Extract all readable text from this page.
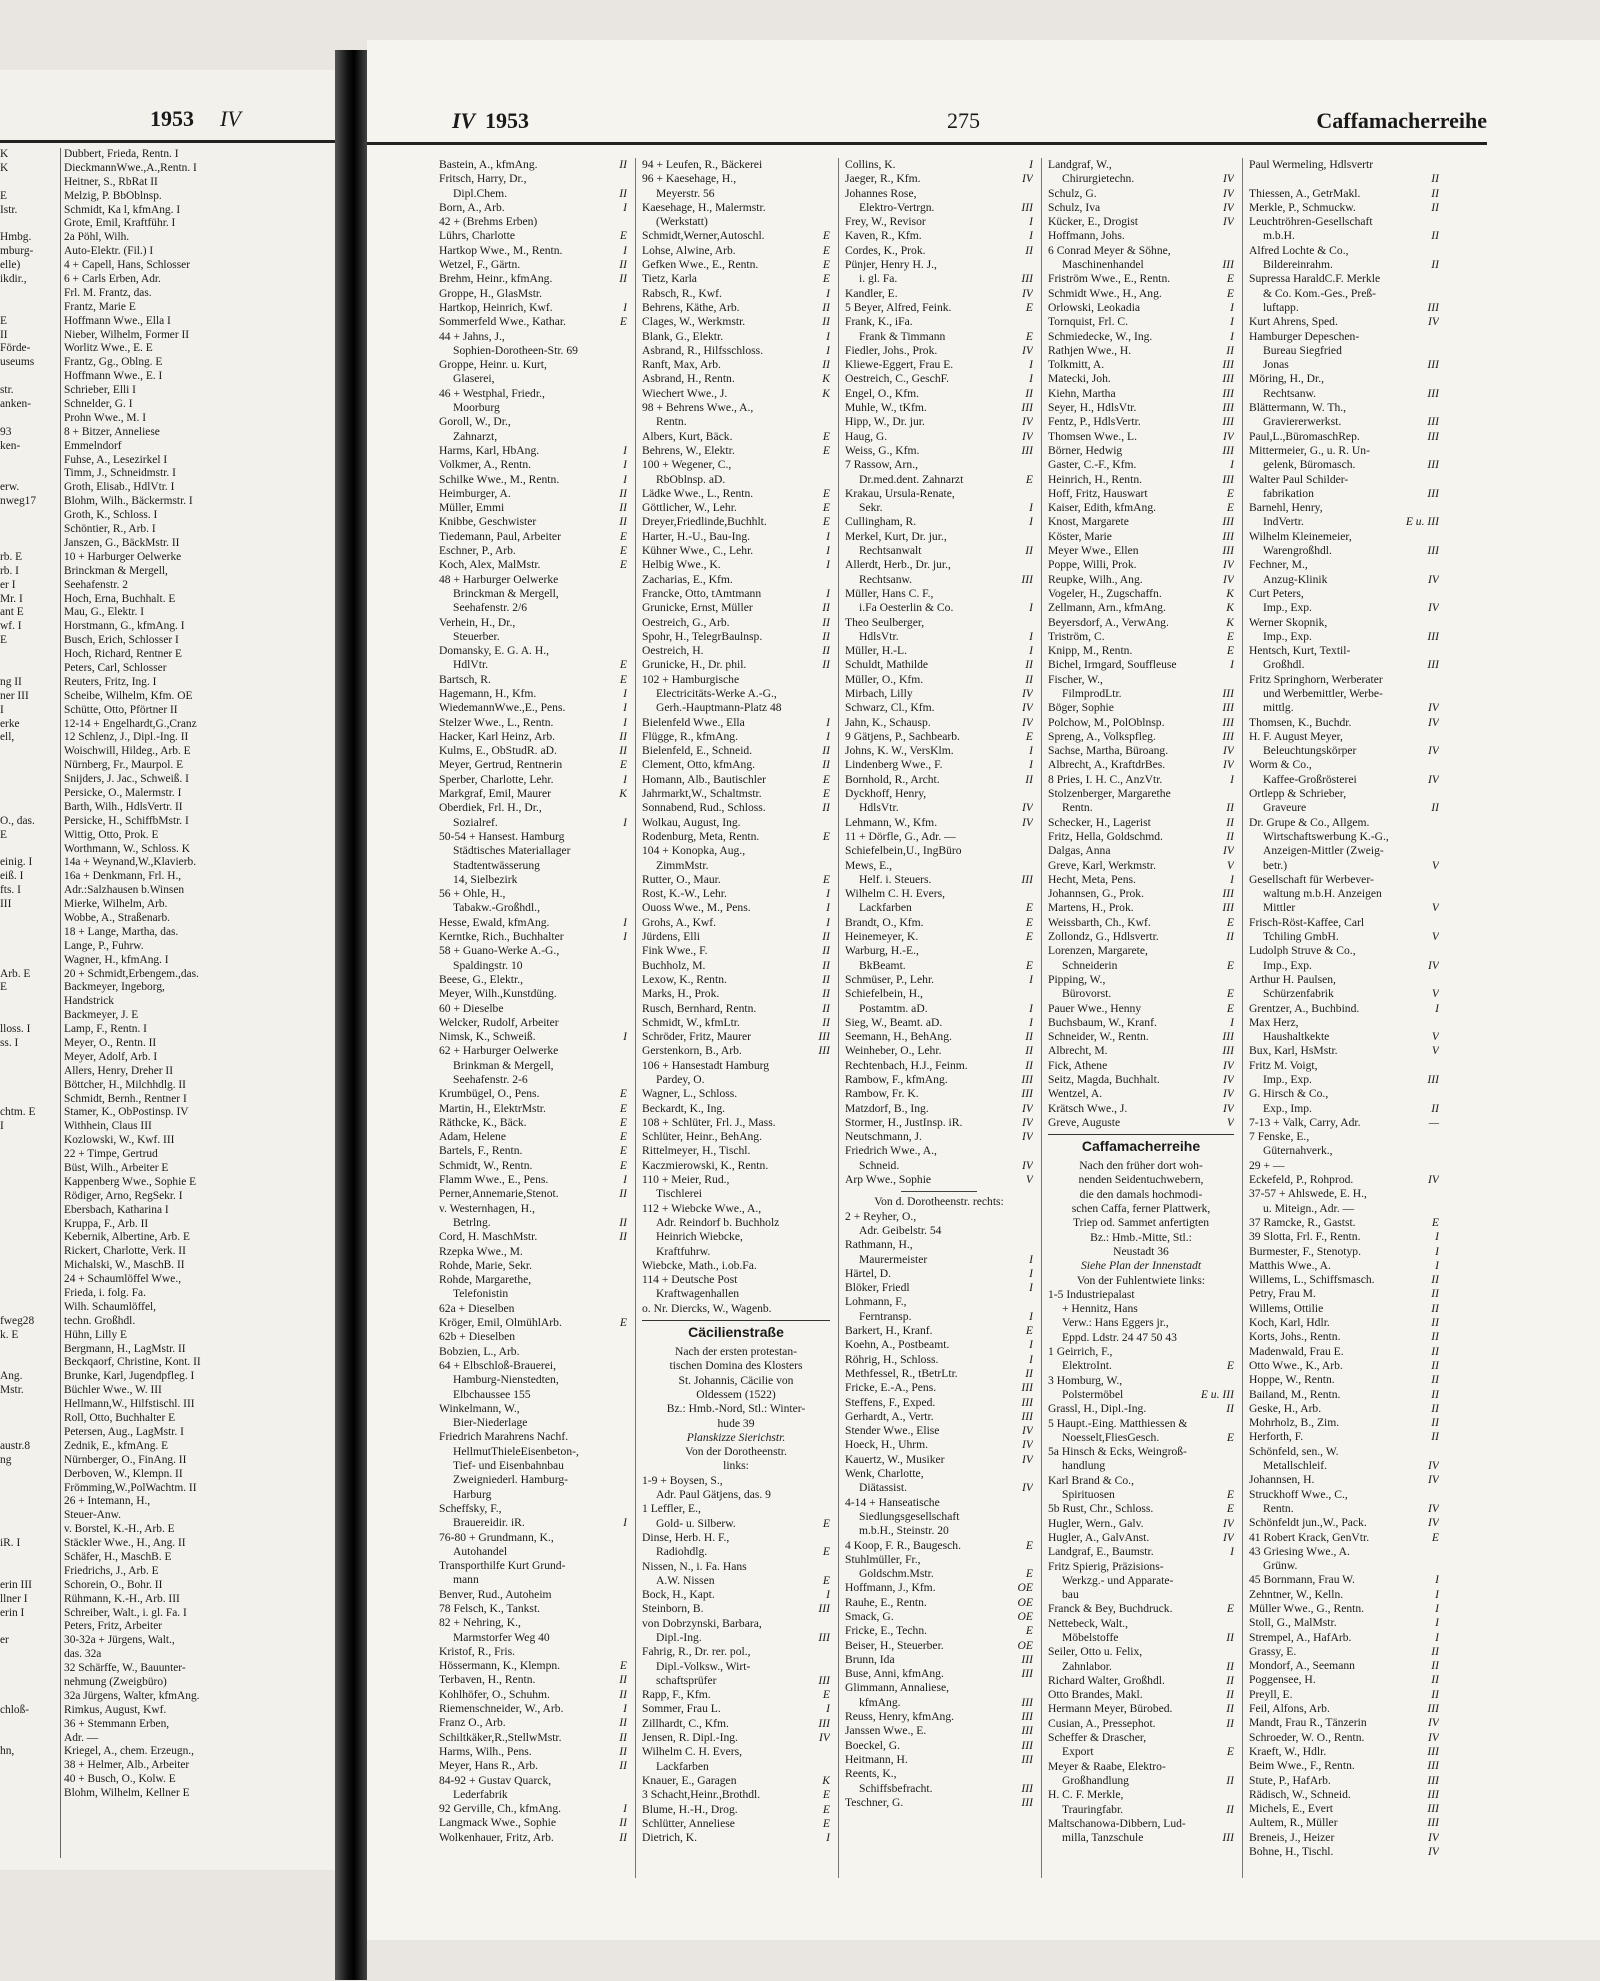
1953 IV
K	Dubbert, Frieda, Rentn. I
K	DieckmannWwe.,A.,Rentn. I
Heitner, S., RbRat II
E	Melzig, P. BbOblnsp.
Istr.	Schmidt, Ka l, kfmAng. I
Grote, Emil, Kraftführ. I
Hmbg.	2a Pöhl, Wilh.
mburg-	Auto-Elektr. (Fil.) I
elle)	4 + Capell, Hans, Schlosser
ikdir.,	6 + Carls Erben, Adr.
Frl. M. Frantz, das.
Frantz, Marie E
E	Hoffmann Wwe., Ella I
II	Nieber, Wilhelm, Former II
Förde-	Worlitz Wwe., E. E
useums	Frantz, Gg., Oblng. E
Hoffmann Wwe., E. I
str.	Schrieber, Elli I
anken-	Schnelder, G. I
Prohn Wwe., M. I
93	8 + Bitzer, Anneliese
ken-	Emmelndorf
Fuhse, A., Lesezirkel I
Timm, J., Schneidmstr. I
erw.	Groth, Elisab., HdlVtr. I
nweg17	Blohm, Wilh., Bäckermstr. I
Groth, K., Schloss. I
Schöntier, R., Arb. I
Janszen, G., BäckMstr. II
rb. E	10 + Harburger Oelwerke
rb. I	Brinckman & Mergell,
er I	Seehafenstr. 2
Mr. I	Hoch, Erna, Buchhalt. E
ant E	Mau, G., Elektr. I
wf. I	Horstmann, G., kfmAng. I
E	Busch, Erich, Schlosser I
Hoch, Richard, Rentner E
Peters, Carl, Schlosser
ng II	Reuters, Fritz, Ing. I
ner III	Scheibe, Wilhelm, Kfm. OE
I	Schütte, Otto, Pförtner II
erke	12-14 + Engelhardt,G.,Cranz
ell,	12 Schlenz, J., Dipl.-Ing. II
Woischwill, Hildeg., Arb. E
Nürnberg, Fr., Maurpol. E
Snijders, J. Jac., Schweiß. I
Persicke, O., Malermstr. I
Barth, Wilh., HdlsVertr. II
O., das.	Persicke, H., SchiffbMstr. I
E	Wittig, Otto, Prok. E
Worthmann, W., Schloss. K
einig. I	14a + Weynand,W.,Klavierb.
eiß. I	16a + Denkmann, Frl. H.,
fts. I	Adr.:Salzhausen b.Winsen
III	Mierke, Wilhelm, Arb.
Wobbe, A., Straßenarb.
18 + Lange, Martha, das.
Lange, P., Fuhrw.
Wagner, H., kfmAng. I
Arb. E	20 + Schmidt,Erbengem.,das.
E	Backmeyer, Ingeborg,
Handstrick
Backmeyer, J. E
lloss. I	Lamp, F., Rentn. I
ss. I	Meyer, O., Rentn. II
Meyer, Adolf, Arb. I
Allers, Henry, Dreher II
Böttcher, H., Milchhdlg. II
Schmidt, Bernh., Rentner I
chtm. E	Stamer, K., ObPostinsp. IV
I	Withhein, Claus III
Kozlowski, W., Kwf. III
22 + Timpe, Gertrud
Büst, Wilh., Arbeiter E
Kappenberg Wwe., Sophie E
Rödiger, Arno, RegSekr. I
Ebersbach, Katharina I
Kruppa, F., Arb. II
Kebernik, Albertine, Arb. E
Rickert, Charlotte, Verk. II
Michalski, W., MaschB. II
24 + Schaumlöffel Wwe.,
Frieda, i. folg. Fa.
Wilh. Schaumlöffel,
fweg28	techn. Großhdl.
k. E	Hühn, Lilly E
Bergmann, H., LagMstr. II
Beckqaorf, Christine, Kont. II
Ang.	Brunke, Karl, Jugendpfleg. I
Mstr.	Büchler Wwe., W. III
Hellmann,W., Hilfstischl. III
Roll, Otto, Buchhalter E
Petersen, Aug., LagMstr. I
austr.8	Zednik, E., kfmAng. E
ng	Nürnberger, O., FinAng. II
Derboven, W., Klempn. II
Frömming,W.,PolWachtm. II
26 + Intemann, H.,
Steuer-Anw.
v. Borstel, K.-H., Arb. E
iR. I	Stäckler Wwe., H., Ang. II
Schäfer, H., MaschB. E
Friedrichs, J., Arb. E
erin III	Schorein, O., Bohr. II
llner I	Rühmann, K.-H., Arb. III
erin I	Schreiber, Walt., i. gl. Fa. I
Peters, Fritz, Arbeiter
er	30-32a + Jürgens, Walt.,
das. 32a
32 Schärffe, W., Bauunter-
nehmung (Zweigbüro)
32a Jürgens, Walter, kfmAng.
chloß-	Rimkus, August, Kwf.
36 + Stemmann Erben,
Adr. —
hn,	Kriegel, A., chem. Erzeugn.,
38 + Helmer, Alb., Arbeiter
40 + Busch, O., Kolw. E
Blohm, Wilhelm, Kellner E
IV 1953	275	Caffamacherreihe
Bastein, A., kfmAng.	II
Fritsch, Harry, Dr.,
Dipl.Chem.	II
Born, A., Arb.	I
42 + (Brehms Erben)
Lührs, Charlotte	E
Hartkop Wwe., M., Rentn.	I
Wetzel, F., Gärtn.	II
Brehm, Heinr., kfmAng.	II
Groppe, H., GlasMstr.
Hartkop, Heinrich, Kwf.	I
Sommerfeld Wwe., Kathar.	E
44 + Jahns, J.,
Sophien-Dorotheen-Str. 69
Groppe, Heinr. u. Kurt,
Glaserei,
46 + Westphal, Friedr.,
Moorburg
Goroll, W., Dr.,
Zahnarzt,
Harms, Karl, HbAng.	I
Volkmer, A., Rentn.	I
Schilke Wwe., M., Rentn.	I
Heimburger, A.	II
Müller, Emmi	II
Knibbe, Geschwister	II
Tiedemann, Paul, Arbeiter	E
Eschner, P., Arb.	E
Koch, Alex, MalMstr.	E
48 + Harburger Oelwerke
Brinckman & Mergell,
Seehafenstr. 2/6
Verhein, H., Dr.,
Steuerber.
Domansky, E. G. A. H.,
HdlVtr.	E
Bartsch, R.	E
Hagemann, H., Kfm.	I
WiedemannWwe.,E., Pens.	I
Stelzer Wwe., L., Rentn.	I
Hacker, Karl Heinz, Arb.	II
Kulms, E., ObStudR. aD.	II
Meyer, Gertrud, Rentnerin	E
Sperber, Charlotte, Lehr.	I
Markgraf, Emil, Maurer	K
Oberdiek, Frl. H., Dr.,
Sozialref.	I
50-54 + Hansest. Hamburg
Städtisches Materiallager
Stadtentwässerung
14, Sielbezirk
56 + Ohle, H.,
Tabakw.-Großhdl.,
Hesse, Ewald, kfmAng.	I
Kerntke, Rich., Buchhalter	I
58 + Guano-Werke A.-G.,
Spaldingstr. 10
Beese, G., Elektr.,
Meyer, Wilh.,Kunstdüng.
60 + Dieselbe
Welcker, Rudolf, Arbeiter
Nimsk, K., Schweiß.	I
62 + Harburger Oelwerke
Brinkman & Mergell,
Seehafenstr. 2-6
Krumbügel, O., Pens.	E
Martin, H., ElektrMstr.	E
Räthcke, K., Bäck.	E
Adam, Helene	E
Bartels, F., Rentn.	E
Schmidt, W., Rentn.	E
Flamm Wwe., E., Pens.	I
Perner,Annemarie,Stenot.	II
v. Westernhagen, H.,
Betrlng.	II
Cord, H. MaschMstr.	II
Rzepka Wwe., M.
Rohde, Marie, Sekr.
Rohde, Margarethe,
Telefonistin
62a + Dieselben
Kröger, Emil, OlmühlArb.	E
62b + Dieselben
Bobzien, L., Arb.
64 + Elbschloß-Brauerei,
Hamburg-Nienstedten,
Elbchaussee 155
Winkelmann, W.,
Bier-Niederlage
Friedrich Marahrens Nachf.
HellmutThieleEisenbeton-,
Tief- und Eisenbahnbau
Zweigniederl. Hamburg-
Harburg
Scheffsky, F.,
Brauereidir. iR.	I
76-80 + Grundmann, K.,
Autohandel
Transporthilfe Kurt Grund-
mann
Benver, Rud., Autoheim
78 Felsch, K., Tankst.
82 + Nehring, K.,
Marmstorfer Weg 40
Kristof, R., Fris.
Hössermann, K., Klempn.	E
Terbaven, H., Rentn.	II
Kohlhöfer, O., Schuhm.	II
Riemenschneider, W., Arb.	I
Franz O., Arb.	II
Schiltkäker,R.,StellwMstr.	II
Harms, Wilh., Pens.	II
Meyer, Hans R., Arb.	II
84-92 + Gustav Quarck,
Lederfabrik
92 Gerville, Ch., kfmAng.	I
Langmack Wwe., Sophie	II
Wolkenhauer, Fritz, Arb.	II
94 + Leufen, R., Bäckerei
96 + Kaesehage, H.,
Meyerstr. 56
Kaesehage, H., Malermstr.
(Werkstatt)
Schmidt,Werner,Autoschl.	E
Lohse, Alwine, Arb.	E
Gefken Wwe., E., Rentn.	E
Tietz, Karla	E
Rabsch, R., Kwf.	I
Behrens, Käthe, Arb.	II
Clages, W., Werkmstr.	II
Blank, G., Elektr.	I
Asbrand, R., Hilfsschloss.	I
Ranft, Max, Arb.	II
Asbrand, H., Rentn.	K
Wiechert Wwe., J.	K
98 + Behrens Wwe., A.,
Rentn.
Albers, Kurt, Bäck.	E
Behrens, W., Elektr.	E
100 + Wegener, C.,
RbOblnsp. aD.
Lädke Wwe., L., Rentn.	E
Göttlicher, W., Lehr.	E
Dreyer,Friedlinde,Buchhlt.	E
Harter, H.-U., Bau-Ing.	I
Kühner Wwe., C., Lehr.	I
Helbig Wwe., K.	I
Zacharias, E., Kfm.
Francke, Otto, tAmtmann	I
Grunicke, Ernst, Müller	II
Oestreich, G., Arb.	II
Spohr, H., TelegrBaulnsp.	II
Oestreich, H.	II
Grunicke, H., Dr. phil.	II
102 + Hamburgische
Electricitäts-Werke A.-G.,
Gerh.-Hauptmann-Platz 48
Bielenfeld Wwe., Ella	I
Flügge, R., kfmAng.	I
Bielenfeld, E., Schneid.	II
Clement, Otto, kfmAng.	II
Homann, Alb., Bautischler	E
Jahrmarkt,W., Schaltmstr.	E
Sonnabend, Rud., Schloss.	II
Wolkau, August, Ing.
Rodenburg, Meta, Rentn.	E
104 + Konopka, Aug.,
ZimmMstr.
Rutter, O., Maur.	E
Rost, K.-W., Lehr.	I
Ouoss Wwe., M., Pens.	I
Grohs, A., Kwf.	I
Jürdens, Elli	II
Fink Wwe., F.	II
Buchholz, M.	II
Lexow, K., Rentn.	II
Marks, H., Prok.	II
Rusch, Bernhard, Rentn.	II
Schmidt, W., kfmLtr.	II
Schröder, Fritz, Maurer	III
Gerstenkorn, B., Arb.	III
106 + Hansestadt Hamburg
Pardey, O.
Wagner, L., Schloss.
Beckardt, K., Ing.
108 + Schlüter, Frl. J., Mass.
Schlüter, Heinr., BehAng.
Rittelmeyer, H., Tischl.
Kaczmierowski, K., Rentn.
110 + Meier, Rud.,
Tischlerei
112 + Wiebcke Wwe., A.,
Adr. Reindorf b. Buchholz
Heinrich Wiebcke,
Kraftfuhrw.
Wiebcke, Math., i.ob.Fa.
114 + Deutsche Post
Kraftwagenhallen
o. Nr. Diercks, W., Wagenb.
Cäcilienstraße
Nach der ersten protestan-
tischen Domina des Klosters
St. Johannis, Cäcilie von
Oldessem (1522)
Bz.: Hmb.-Nord, Stl.: Winter-
hude 39
Planskizze Sierichstr.
Von der Dorotheenstr.
links:
1-9 + Boysen, S.,
Adr. Paul Gätjens, das. 9
1 Leffler, E.,
Gold- u. Silberw.	E
Dinse, Herb. H. F.,
Radiohdlg.	E
Nissen, N., i. Fa. Hans
A.W. Nissen	E
Bock, H., Kapt.	I
Steinborn, B.	III
von Dobrzynski, Barbara,
Dipl.-Ing.	III
Fahrig, R., Dr. rer. pol.,
Dipl.-Volksw., Wirt-
schaftsprüfer	III
Rapp, F., Kfm.	E
Sommer, Frau L.	I
Zillhardt, C., Kfm.	III
Jensen, R. Dipl.-Ing.	IV
Wilhelm C. H. Evers,
Lackfarben
Knauer, E., Garagen	K
3 Schacht,Heinr.,Brothdl.	E
Blume, H.-H., Drog.	E
Schlütter, Anneliese	E
Dietrich, K.	I
Collins, K.	I
Jaeger, R., Kfm.	IV
Johannes Rose,
Elektro-Vertrgn.	III
Frey, W., Revisor	I
Kaven, R., Kfm.	I
Cordes, K., Prok.	II
Pünjer, Henry H. J.,
i. gl. Fa.	III
Kandler, E.	IV
5 Beyer, Alfred, Feink.	E
Frank, K., iFa.
Frank & Timmann	E
Fiedler, Johs., Prok.	IV
Kliewe-Eggert, Frau E.	I
Oestreich, C., GeschF.	I
Engel, O., Kfm.	II
Muhle, W., tKfm.	III
Hipp, W., Dr. jur.	IV
Haug, G.	IV
Weiss, G., Kfm.	III
7 Rassow, Arn.,
Dr.med.dent. Zahnarzt	E
Krakau, Ursula-Renate,
Sekr.	I
Cullingham, R.	I
Merkel, Kurt, Dr. jur.,
Rechtsanwalt	II
Allerdt, Herb., Dr. jur.,
Rechtsanw.	III
Müller, Hans C. F.,
i.Fa Oesterlin & Co.	I
Theo Seulberger,
HdlsVtr.	I
Müller, H.-L.	I
Schuldt, Mathilde	II
Müller, O., Kfm.	II
Mirbach, Lilly	IV
Schwarz, Cl., Kfm.	IV
Jahn, K., Schausp.	IV
9 Gätjens, P., Sachbearb.	E
Johns, K. W., VersKlm.	I
Lindenberg Wwe., F.	I
Bornhold, R., Archt.	II
Dyckhoff, Henry,
HdlsVtr.	IV
Lehmann, W., Kfm.	IV
11 + Dörfle, G., Adr. —
Schiefelbein,U., IngBüro
Mews, E.,
Helf. i. Steuers.	III
Wilhelm C. H. Evers,
Lackfarben	E
Brandt, O., Kfm.	E
Heinemeyer, K.	E
Warburg, H.-E.,
BkBeamt.	E
Schmüser, P., Lehr.	I
Schiefelbein, H.,
Postamtm. aD.	I
Sieg, W., Beamt. aD.	I
Seemann, H., BehAng.	II
Weinheber, O., Lehr.	II
Rechtenbach, H.J., Feinm.	II
Rambow, F., kfmAng.	III
Rambow, Fr. K.	III
Matzdorf, B., Ing.	IV
Stormer, H., JustInsp. iR.	IV
Neutschmann, J.	IV
Friedrich Wwe., A.,
Schneid.	IV
Arp Wwe., Sophie	V
Von d. Dorotheenstr. rechts:
2 + Reyher, O.,
Adr. Geibelstr. 54
Rathmann, H.,
Maurermeister	I
Härtel, D.	I
Blöker, Friedl	I
Lohmann, F.,
Ferntransp.	I
Barkert, H., Kranf.	E
Koehn, A., Postbeamt.	I
Röhrig, H., Schloss.	I
Methfessel, R., tBetrLtr.	II
Fricke, E.-A., Pens.	III
Steffens, F., Exped.	III
Gerhardt, A., Vertr.	III
Stender Wwe., Elise	IV
Hoeck, H., Uhrm.	IV
Kauertz, W., Musiker	IV
Wenk, Charlotte,
Diätassist.	IV
4-14 + Hanseatische
Siedlungsgesellschaft
m.b.H., Steinstr. 20
4 Koop, F. R., Baugesch.	E
Stuhlmüller, Fr.,
Goldschm.Mstr.	E
Hoffmann, J., Kfm.	OE
Rauhe, E., Rentn.	OE
Smack, G.	OE
Fricke, E., Techn.	E
Beiser, H., Steuerber.	OE
Brunn, Ida	III
Buse, Anni, kfmAng.	III
Glimmann, Annaliese,
kfmAng.	III
Reuss, Henry, kfmAng.	III
Janssen Wwe., E.	III
Boeckel, G.	III
Heitmann, H.	III
Reents, K.,
Schiffsbefracht.	III
Teschner, G.	III
Landgraf, W.,
Chirurgietechn.	IV
Schulz, G.	IV
Schulz, Iva	IV
Kücker, E., Drogist	IV
Hoffmann, Johs.
6 Conrad Meyer & Söhne,
Maschinenhandel	III
Friström Wwe., E., Rentn.	E
Schmidt Wwe., H., Ang.	E
Orlowski, Leokadia	I
Tornquist, Frl. C.	I
Schmiedecke, W., Ing.	I
Rathjen Wwe., H.	II
Tolkmitt, A.	III
Matecki, Joh.	III
Kiehn, Martha	III
Seyer, H., HdlsVtr.	III
Fentz, P., HdlsVertr.	III
Thomsen Wwe., L.	IV
Börner, Hedwig	III
Gaster, C.-F., Kfm.	I
Heinrich, H., Rentn.	III
Hoff, Fritz, Hauswart	E
Kaiser, Edith, kfmAng.	E
Knost, Margarete	III
Köster, Marie	III
Meyer Wwe., Ellen	III
Poppe, Willi, Prok.	IV
Reupke, Wilh., Ang.	IV
Vogeler, H., Zugschaffn.	K
Zellmann, Arn., kfmAng.	K
Beyersdorf, A., VerwAng.	K
Triström, C.	E
Knipp, M., Rentn.	E
Bichel, Irmgard, Souffleuse	I
Fischer, W.,
FilmprodLtr.	III
Böger, Sophie	III
Polchow, M., PolOblnsp.	III
Spreng, A., Volkspfleg.	III
Sachse, Martha, Büroang.	IV
Albrecht, A., KraftdrBes.	IV
8 Pries, I. H. C., AnzVtr.	I
Stolzenberger, Margarethe
Rentn.	II
Schecker, H., Lagerist	II
Fritz, Hella, Goldschmd.	II
Dalgas, Anna	IV
Greve, Karl, Werkmstr.	V
Hecht, Meta, Pens.	I
Johannsen, G., Prok.	III
Martens, H., Prok.	III
Weissbarth, Ch., Kwf.	E
Zollondz, G., Hdlsvertr.	II
Lorenzen, Margarete,
Schneiderin	E
Pipping, W.,
Bürovorst.	E
Pauer Wwe., Henny	E
Buchsbaum, W., Kranf.	I
Schneider, W., Rentn.	III
Albrecht, M.	III
Fick, Athene	IV
Seitz, Magda, Buchhalt.	IV
Wentzel, A.	IV
Krätsch Wwe., J.	IV
Greve, Auguste	V
Caffamacherreihe
Nach den früher dort woh-
nenden Seidentuchwebern,
die den damals hochmodi-
schen Caffa, ferner Plattwerk,
Triep od. Sammet anfertigten
Bz.: Hmb.-Mitte, Stl.:
Neustadt 36
Siehe Plan der Innenstadt
Von der Fuhlentwiete links:
1-5 Industriepalast
+ Hennitz, Hans
Verw.: Hans Eggers jr.,
Eppd. Ldstr. 24 47 50 43
1 Geirrich, F.,
ElektroInt.	E
3 Homburg, W.,
Polstermöbel	E u. III
Grassl, H., Dipl.-Ing.	II
5 Haupt.-Eing. Matthiessen &
Noesselt,FliesGesch.	E
5a Hinsch & Ecks, Weingroß-
handlung
Karl Brand & Co.,
Spirituosen	E
5b Rust, Chr., Schloss.	E
Hugler, Wern., Galv.	IV
Hugler, A., GalvAnst.	IV
Landgraf, E., Baumstr.	I
Fritz Spierig, Präzisions-
Werkzg.- und Apparate-
bau
Franck & Bey, Buchdruck.	E
Nettebeck, Walt.,
Möbelstoffe	II
Seiler, Otto u. Felix,
Zahnlabor.	II
Richard Walter, Großhdl.	II
Otto Brandes, Makl.	II
Hermann Meyer, Bürobed.	II
Cusian, A., Pressephot.	II
Scheffer & Drascher,
Export	E
Meyer & Raabe, Elektro-
Großhandlung	II
H. C. F. Merkle,
Trauringfabr.	II
Maltschanowa-Dibbern, Lud-
milla, Tanzschule	III
Paul Wermeling, Hdlsvertr
II
Thiessen, A., GetrMakl.	II
Merkle, P., Schmuckw.	II
Leuchtröhren-Gesellschaft
m.b.H.	II
Alfred Lochte & Co.,
Bildereinrahm.	II
Supressa HaraldC.F. Merkle
& Co. Kom.-Ges., Preß-
luftapp.	III
Kurt Ahrens, Sped.	IV
Hamburger Depeschen-
Bureau Siegfried
Jonas	III
Möring, H., Dr.,
Rechtsanw.	III
Blättermann, W. Th.,
Graviererwerkst.	III
Paul,L.,BüromaschRep.	III
Mittermeier, G., u. R. Un-
gelenk, Büromasch.	III
Walter Paul Schilder-
fabrikation	III
Barnehl, Henry,
IndVertr.	E u. III
Wilhelm Kleinemeier,
Warengroßhdl.	III
Fechner, M.,
Anzug-Klinik	IV
Curt Peters,
Imp., Exp.	IV
Werner Skopnik,
Imp., Exp.	III
Hentsch, Kurt, Textil-
Großhdl.	III
Fritz Springhorn, Werberater
und Werbemittler, Werbe-
mittlg.	IV
Thomsen, K., Buchdr.	IV
H. F. August Meyer,
Beleuchtungskörper	IV
Worm & Co.,
Kaffee-Großrösterei	IV
Ortlepp & Schrieber,
Graveure	II
Dr. Grupe & Co., Allgem.
Wirtschaftswerbung K.-G.,
Anzeigen-Mittler (Zweig-
betr.)	V
Gesellschaft für Werbever-
waltung m.b.H. Anzeigen
Mittler	V
Frisch-Röst-Kaffee, Carl
Tchiling GmbH.	V
Ludolph Struve & Co.,
Imp., Exp.	IV
Arthur H. Paulsen,
Schürzenfabrik	V
Grentzer, A., Buchbind.	I
Max Herz,
Haushaltkekte	V
Bux, Karl, HsMstr.	V
Fritz M. Voigt,
Imp., Exp.	III
G. Hirsch & Co.,
Exp., Imp.	II
7-13 + Valk, Carry, Adr.	—
7 Fenske, E.,
Güternahverk.,
29 + —
Eckefeld, P., Rohprod.	IV
37-57 + Ahlswede, E. H.,
u. Miteign., Adr. —
37 Ramcke, R., Gastst.	E
39 Slotta, Frl. F., Rentn.	I
Burmester, F., Stenotyp.	I
Matthis Wwe., A.	I
Willems, L., Schiffsmasch.	II
Petry, Frau M.	II
Willems, Ottilie	II
Koch, Karl, Hdlr.	II
Korts, Johs., Rentn.	II
Madenwald, Frau E.	II
Otto Wwe., K., Arb.	II
Hoppe, W., Rentn.	II
Bailand, M., Rentn.	II
Geske, H., Arb.	II
Mohrholz, B., Zim.	II
Herforth, F.	II
Schönfeld, sen., W.
Metallschleif.	IV
Johannsen, H.	IV
Struckhoff Wwe., C.,
Rentn.	IV
Schönfeldt jun.,W., Pack.	IV
41 Robert Krack, GenVtr.	E
43 Griesing Wwe., A.
Grünw.
45 Bornmann, Frau W.	I
Zehntner, W., Kelln.	I
Müller Wwe., G., Rentn.	I
Stoll, G., MalMstr.	I
Strempel, A., HafArb.	I
Grassy, E.	II
Mondorf, A., Seemann	II
Poggensee, H.	II
Preyll, E.	II
Feil, Alfons, Arb.	III
Mandt, Frau R., Tänzerin	IV
Schroeder, W. O., Rentn.	IV
Kraeft, W., Hdlr.	III
Beim Wwe., F., Rentn.	III
Stute, P., HafArb.	III
Rädisch, W., Schneid.	III
Michels, E., Evert	III
Aultem, R., Müller	III
Breneis, J., Heizer	IV
Bohne, H., Tischl.	IV
